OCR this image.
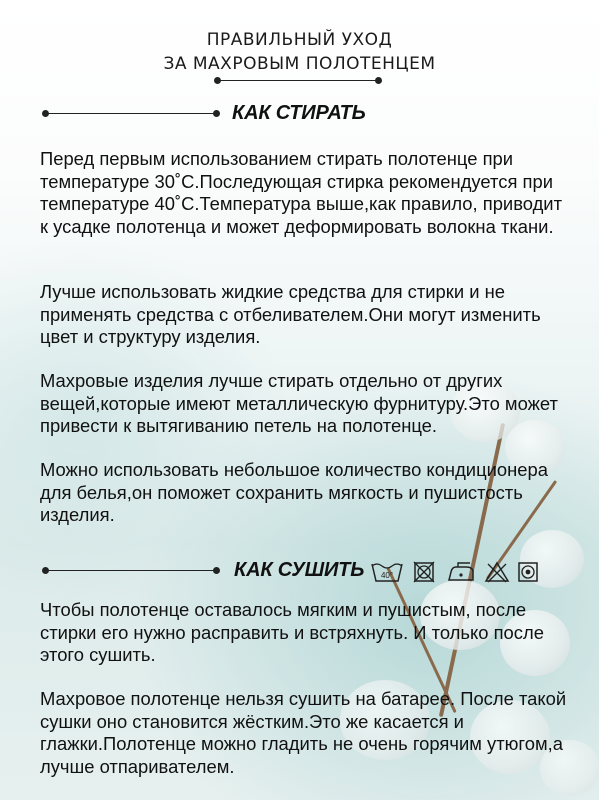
ПРАВИЛЬНЫЙ УХОД
ЗА МАХРОВЫМ ПОЛОТЕНЦЕМ
КАК СТИРАТЬ

Перед первым использованием стирать полотенце при температуре 30˚С.Последующая стирка рекомендуется при температуре 40˚С.Температура выше,как правило, приводит к усадке полотенца и может деформировать волокна ткани.

Лучше использовать жидкие средства для стирки и не применять средства с отбеливателем.Они могут изменить цвет и структуру изделия.

Махровые изделия лучше стирать отдельно от других вещей,которые имеют металлическую фурнитуру.Это может привести к вытягиванию петель на полотенце.

Можно использовать небольшое количество кондиционера для белья,он поможет сохранить мягкость и пушистость изделия.

КАК СУШИТЬ 40°

Чтобы полотенце оставалось мягким и пушистым, после стирки его нужно расправить и встряхнуть. И только после этого сушить.

Махровое полотенце нельзя сушить на батарее. После такой сушки оно становится жёстким.Это же касается и глажки.Полотенце можно гладить не очень горячим утюгом,а лучше отпаривателем.
